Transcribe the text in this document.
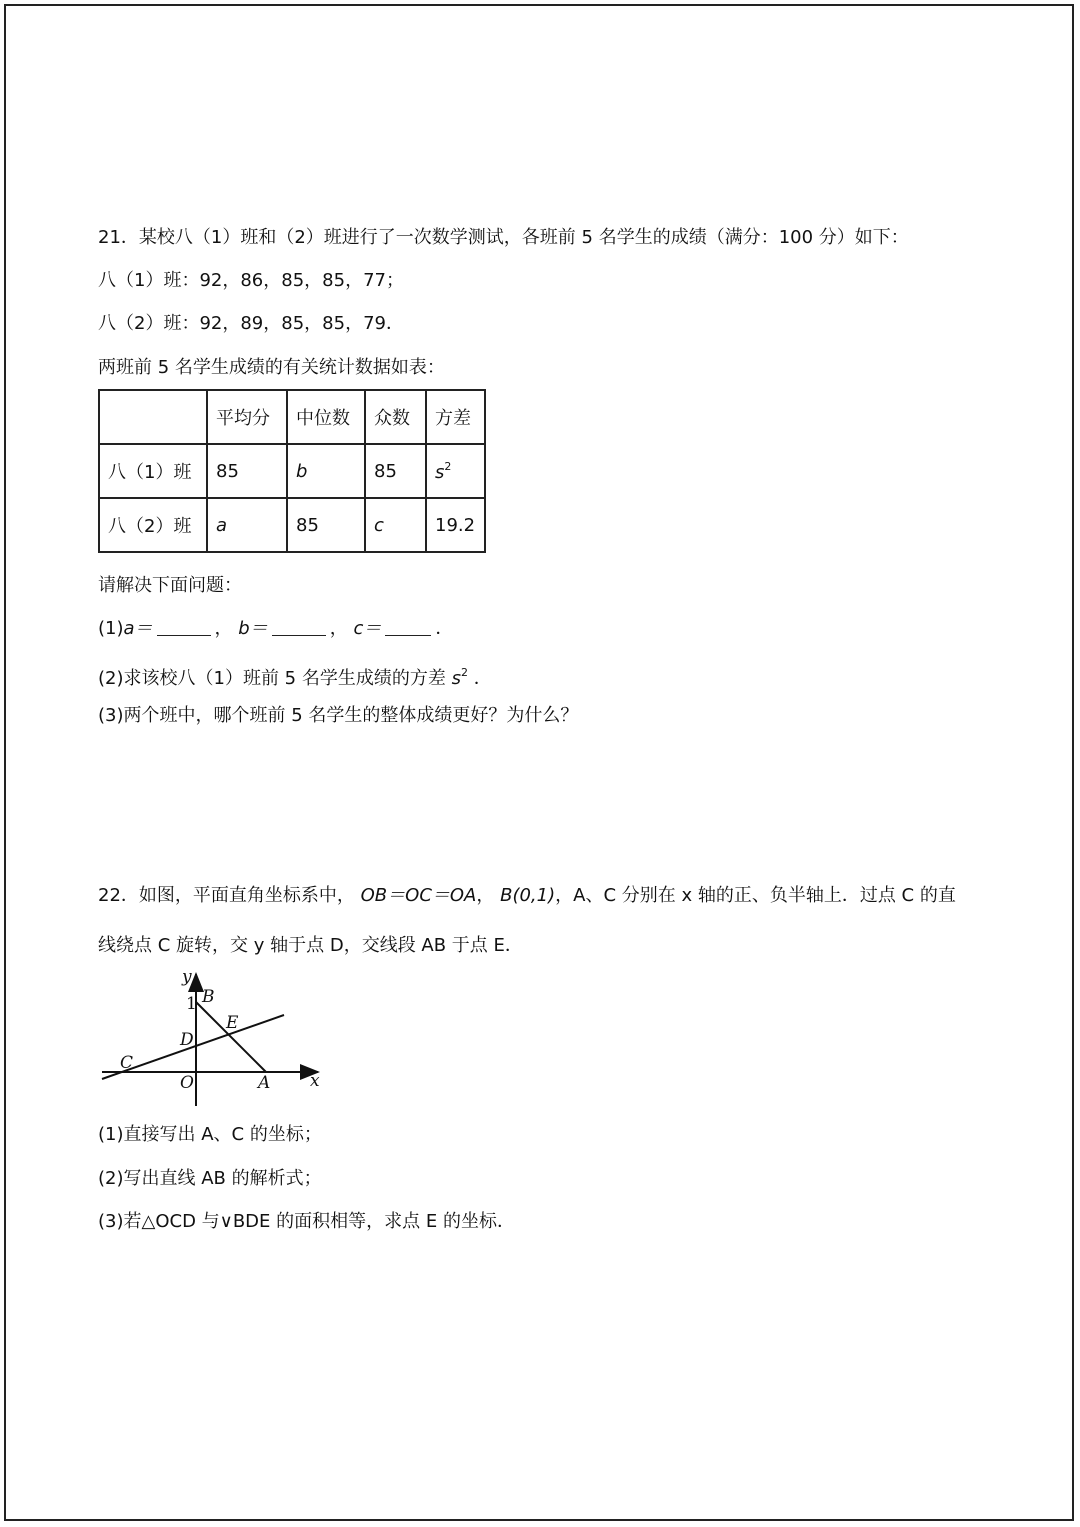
21．某校八（1）班和（2）班进行了一次数学测试，各班前 5 名学生的成绩（满分：100 分）如下：
八（1）班：92，86，85，85，77；
八（2）班：92，89，85，85，79．
两班前 5 名学生成绩的有关统计数据如表：
	平均分	中位数	众数	方差
八（1）班	85	b	85	$s^2$
八（2）班	a	85	c	19.2
请解决下面问题：
(1)a＝	， b＝	， c＝	．
(2)求该校八（1）班前 5 名学生成绩的方差 $s^2$ ．
(3)两个班中，哪个班前 5 名学生的整体成绩更好？为什么？
22．如图，平面直角坐标系中， OB＝OC＝OA， B(0,1)，A、C 分别在 x 轴的正、负半轴上．过点 C 的直
线绕点 C 旋转，交 y 轴于点 D，交线段 AB 于点 E．
y
1 B
E
D
C
O	A x
(1)直接写出 A、C 的坐标；
(2)写出直线 AB 的解析式；
(3)若△OCD 与∨BDE 的面积相等，求点 E 的坐标．
